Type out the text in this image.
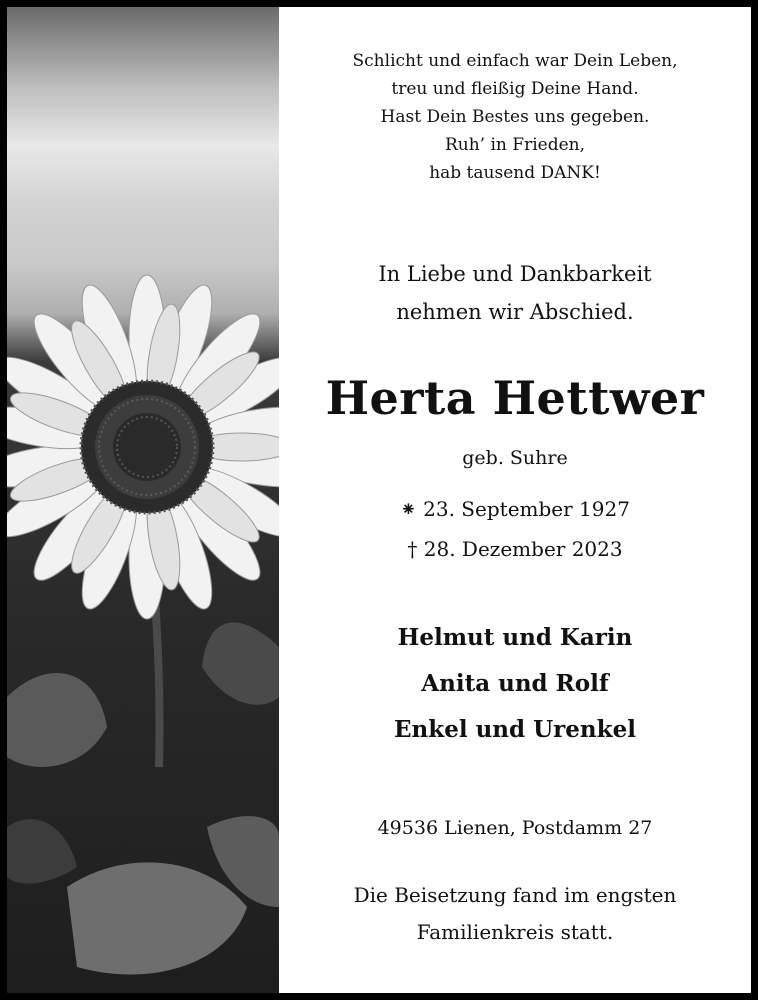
Schlicht und einfach war Dein Leben,
treu und fleißig Deine Hand.
Hast Dein Bestes uns gegeben.
Ruh’ in Frieden,
hab tausend DANK!
In Liebe und Dankbarkeit
nehmen wir Abschied.
Herta Hettwer
geb. Suhre
⁕ 23. September 1927
† 28. Dezember 2023
Helmut und Karin
Anita und Rolf
Enkel und Urenkel
49536 Lienen, Postdamm 27
Die Beisetzung fand im engsten
Familienkreis statt.
